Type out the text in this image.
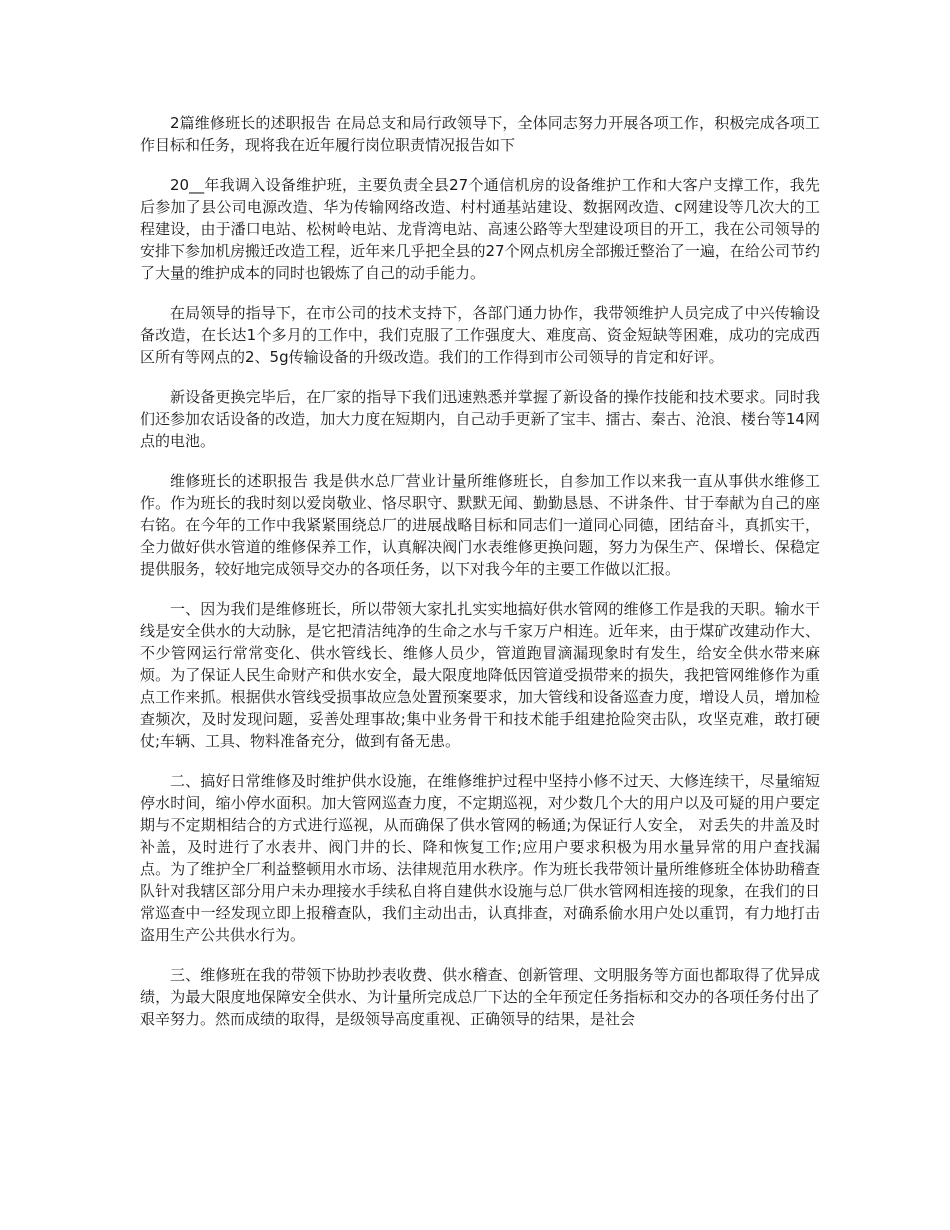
2篇维修班长的述职报告 在局总支和局行政领导下，全体同志努力开展各项工作，积极完成各项工作目标和任务，现将我在近年履行岗位职责情况报告如下

20__年我调入设备维护班，主要负责全县27个通信机房的设备维护工作和大客户支撑工作，我先后参加了县公司电源改造、华为传输网络改造、村村通基站建设、数据网改造、c网建设等几次大的工程建设，由于潘口电站、松树岭电站、龙背湾电站、高速公路等大型建设项目的开工，我在公司领导的安排下参加机房搬迁改造工程，近年来几乎把全县的27个网点机房全部搬迁整治了一遍，在给公司节约了大量的维护成本的同时也锻炼了自己的动手能力。

在局领导的指导下，在市公司的技术支持下，各部门通力协作，我带领维护人员完成了中兴传输设备改造，在长达1个多月的工作中，我们克服了工作强度大、难度高、资金短缺等困难，成功的完成西区所有等网点的2、5g传输设备的升级改造。我们的工作得到市公司领导的肯定和好评。

新设备更换完毕后，在厂家的指导下我们迅速熟悉并掌握了新设备的操作技能和技术要求。同时我们还参加农话设备的改造，加大力度在短期内，自己动手更新了宝丰、擂古、秦古、沧浪、楼台等14网点的电池。

维修班长的述职报告 我是供水总厂营业计量所维修班长，自参加工作以来我一直从事供水维修工作。作为班长的我时刻以爱岗敬业、恪尽职守、默默无闻、勤勤恳恳、不讲条件、甘于奉献为自己的座右铭。在今年的工作中我紧紧围绕总厂的进展战略目标和同志们一道同心同德，团结奋斗，真抓实干，全力做好供水管道的维修保养工作，认真解决阀门水表维修更换问题，努力为保生产、保增长、保稳定提供服务，较好地完成领导交办的各项任务，以下对我今年的主要工作做以汇报。

一、因为我们是维修班长，所以带领大家扎扎实实地搞好供水管网的维修工作是我的天职。输水干线是安全供水的大动脉，是它把清洁纯净的生命之水与千家万户相连。近年来，由于煤矿改建动作大、不少管网运行常常变化、供水管线长、维修人员少，管道跑冒滴漏现象时有发生，给安全供水带来麻烦。为了保证人民生命财产和供水安全，最大限度地降低因管道受损带来的损失，我把管网维修作为重点工作来抓。根据供水管线受损事故应急处置预案要求，加大管线和设备巡查力度，增设人员，增加检查频次，及时发现问题，妥善处理事故;集中业务骨干和技术能手组建抢险突击队，攻坚克难，敢打硬仗;车辆、工具、物料准备充分，做到有备无患。

二、搞好日常维修及时维护供水设施，在维修维护过程中坚持小修不过天、大修连续干，尽量缩短停水时间，缩小停水面积。加大管网巡查力度，不定期巡视，对少数几个大的用户以及可疑的用户要定期与不定期相结合的方式进行巡视，从而确保了供水管网的畅通;为保证行人安全， 对丢失的井盖及时补盖，及时进行了水表井、阀门井的长、降和恢复工作;应用户要求积极为用水量异常的用户查找漏点。为了维护全厂利益整顿用水市场、法律规范用水秩序。作为班长我带领计量所维修班全体协助稽查队针对我辖区部分用户未办理接水手续私自将自建供水设施与总厂供水管网相连接的现象，在我们的日常巡查中一经发现立即上报稽查队，我们主动出击，认真排查，对确系偷水用户处以重罚，有力地打击盗用生产公共供水行为。

三、维修班在我的带领下协助抄表收费、供水稽查、创新管理、文明服务等方面也都取得了优异成绩，为最大限度地保障安全供水、为计量所完成总厂下达的全年预定任务指标和交办的各项任务付出了艰辛努力。然而成绩的取得，是级领导高度重视、正确领导的结果，是社会
